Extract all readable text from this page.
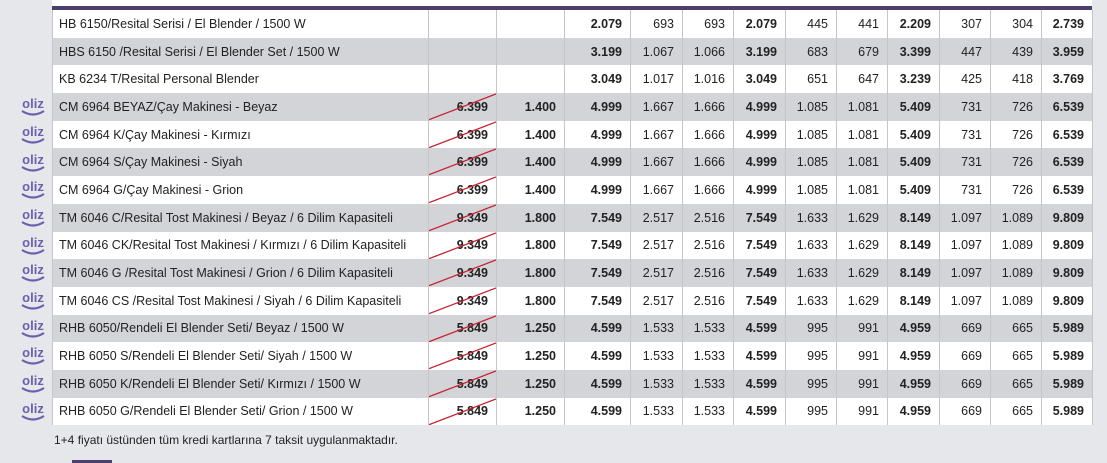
HB 6150/Resital Serisi / El Blender / 1500 W			2.079	693	693	2.079	445	441	2.209	307	304	2.739
HBS 6150 /Resital Serisi / El Blender Set / 1500 W			3.199	1.067	1.066	3.199	683	679	3.399	447	439	3.959
KB 6234 T/Resital Personal Blender			3.049	1.017	1.016	3.049	651	647	3.239	425	418	3.769
CM 6964 BEYAZ/Çay Makinesi - Beyaz	6.399	1.400	4.999	1.667	1.666	4.999	1.085	1.081	5.409	731	726	6.539
CM 6964 K/Çay Makinesi - Kırmızı	6.399	1.400	4.999	1.667	1.666	4.999	1.085	1.081	5.409	731	726	6.539
CM 6964 S/Çay Makinesi - Siyah	6.399	1.400	4.999	1.667	1.666	4.999	1.085	1.081	5.409	731	726	6.539
CM 6964 G/Çay Makinesi - Grion	6.399	1.400	4.999	1.667	1.666	4.999	1.085	1.081	5.409	731	726	6.539
TM 6046 C/Resital Tost Makinesi / Beyaz / 6 Dilim Kapasiteli	9.349	1.800	7.549	2.517	2.516	7.549	1.633	1.629	8.149	1.097	1.089	9.809
TM 6046 CK/Resital Tost Makinesi / Kırmızı / 6 Dilim Kapasiteli	9.349	1.800	7.549	2.517	2.516	7.549	1.633	1.629	8.149	1.097	1.089	9.809
TM 6046 G /Resital Tost Makinesi / Grion / 6 Dilim Kapasiteli	9.349	1.800	7.549	2.517	2.516	7.549	1.633	1.629	8.149	1.097	1.089	9.809
TM 6046 CS /Resital Tost Makinesi / Siyah / 6 Dilim Kapasiteli	9.349	1.800	7.549	2.517	2.516	7.549	1.633	1.629	8.149	1.097	1.089	9.809
RHB 6050/Rendeli El Blender Seti/ Beyaz / 1500 W	5.849	1.250	4.599	1.533	1.533	4.599	995	991	4.959	669	665	5.989
RHB 6050 S/Rendeli El Blender Seti/ Siyah / 1500 W	5.849	1.250	4.599	1.533	1.533	4.599	995	991	4.959	669	665	5.989
RHB 6050 K/Rendeli El Blender Seti/ Kırmızı / 1500 W	5.849	1.250	4.599	1.533	1.533	4.599	995	991	4.959	669	665	5.989
RHB 6050 G/Rendeli El Blender Seti/ Grion / 1500 W	5.849	1.250	4.599	1.533	1.533	4.599	995	991	4.959	669	665	5.989
oliz
oliz
oliz
oliz
oliz
oliz
oliz
oliz
oliz
oliz
oliz
oliz
1+4 fiyatı üstünden tüm kredi kartlarına 7 taksit uygulanmaktadır.
